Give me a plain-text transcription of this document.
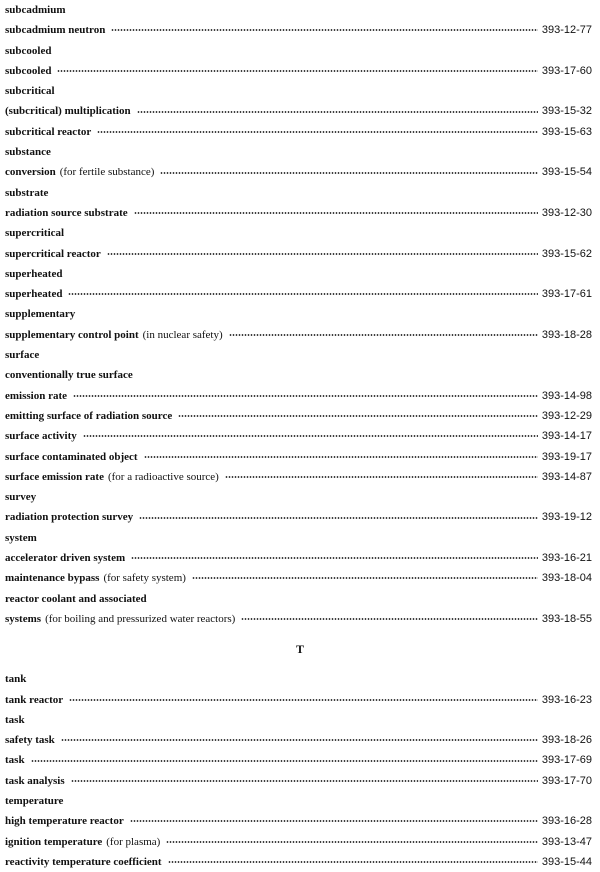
subcadmium
subcadmium neutron	393-12-77
subcooled
subcooled	393-17-60
subcritical
(subcritical) multiplication	393-15-32
subcritical reactor	393-15-63
substance
conversion (for fertile substance)	393-15-54
substrate
radiation source substrate	393-12-30
supercritical
supercritical reactor	393-15-62
superheated
superheated	393-17-61
supplementary
supplementary control point (in nuclear safety)	393-18-28
surface
conventionally true surface
emission rate	393-14-98
emitting surface of radiation source	393-12-29
surface activity	393-14-17
surface contaminated object	393-19-17
surface emission rate (for a radioactive source)	393-14-87
survey
radiation protection survey	393-19-12
system
accelerator driven system	393-16-21
maintenance bypass (for safety system)	393-18-04
reactor coolant and associated
systems (for boiling and pressurized water reactors)	393-18-55
T
tank
tank reactor	393-16-23
task
safety task	393-18-26
task	393-17-69
task analysis	393-17-70
temperature
high temperature reactor	393-16-28
ignition temperature (for plasma)	393-13-47
reactivity temperature coefficient	393-15-44
